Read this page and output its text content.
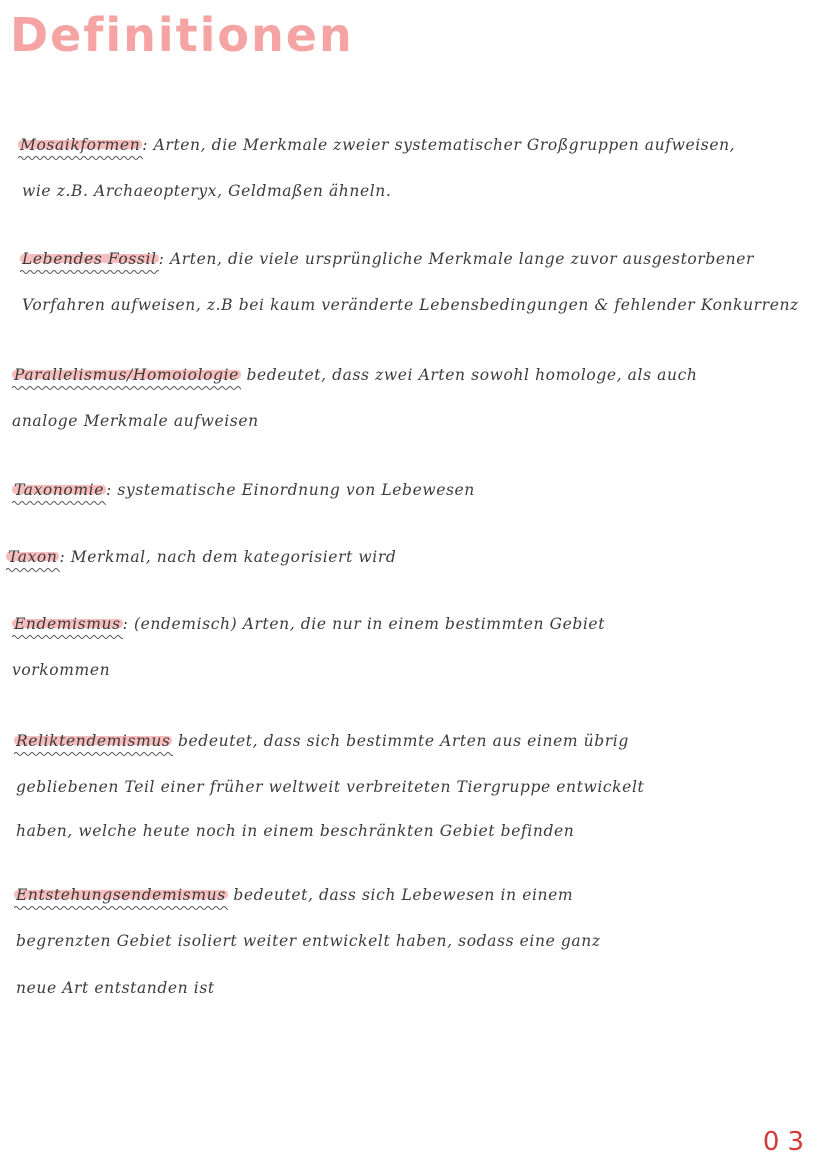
Definitionen
Mosaikformen : Arten, die Merkmale zweier systematischer Großgruppen aufweisen,
wie z.B. Archaeopteryx, Geldmaßen ähneln.
Lebendes Fossil : Arten, die viele ursprüngliche Merkmale lange zuvor ausgestorbener
Vorfahren aufweisen, z.B bei kaum veränderte Lebensbedingungen & fehlender Konkurrenz
Parallelismus/Homoiologie bedeutet, dass zwei Arten sowohl homologe, als auch
analoge Merkmale aufweisen
Taxonomie : systematische Einordnung von Lebewesen
Taxon : Merkmal, nach dem kategorisiert wird
Endemismus : (endemisch) Arten, die nur in einem bestimmten Gebiet
vorkommen
Reliktendemismus bedeutet, dass sich bestimmte Arten aus einem übrig
gebliebenen Teil einer früher weltweit verbreiteten Tiergruppe entwickelt
haben, welche heute noch in einem beschränkten Gebiet befinden
Entstehungsendemismus bedeutet, dass sich Lebewesen in einem
begrenzten Gebiet isoliert weiter entwickelt haben, sodass eine ganz
neue Art entstanden ist
03
